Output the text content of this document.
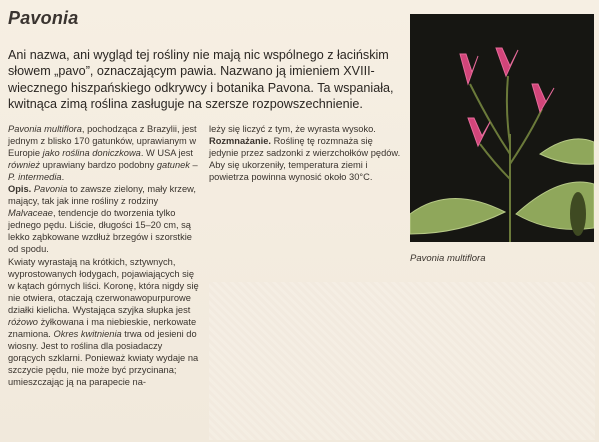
Pavonia

Ani nazwa, ani wygląd tej rośliny nie mają nic wspólnego z łacińskim słowem „pavo”, oznaczającym pawia. Nazwano ją imieniem XVIII-wiecznego hiszpańskiego odkrywcy i botanika Pavona. Ta wspaniała, kwitnąca zimą roślina zasługuje na szersze rozpowszechnienie.

Pavonia multiflora, pochodząca z Brazylii, jest jednym z blisko 170 gatunków, uprawianym w Europie jako roślina doniczkowa. W USA jest również uprawiany bardzo podobny gatunek – P. intermedia.

Opis. Pavonia to zawsze zielony, mały krzew, mający, tak jak inne rośliny z rodziny Malvaceae, tendencje do tworzenia tylko jednego pędu. Liście, długości 15–20 cm, są lekko ząbkowane wzdłuż brzegów i szorstkie od spodu.

Kwiaty wyrastają na krótkich, sztywnych, wyprostowanych łodygach, pojawiających się w kątach górnych liści. Koronę, która nigdy się nie otwiera, otaczają czerwonawopurpurowe działki kielicha. Wystająca szyjka słupka jest różowo żyłkowana i ma niebieskie, nerkowate znamiona. Okres kwitnienia trwa od jesieni do wiosny. Jest to roślina dla posiadaczy gorących szklarni. Ponieważ kwiaty wydaje na szczycie pędu, nie może być przycinana; umieszczając ją na parapecie na-

leży się liczyć z tym, że wyrasta wysoko.

Rozmnażanie. Roślinę tę rozmnaża się jedynie przez sadzonki z wierzchołków pędów. Aby się ukorzeniły, temperatura ziemi i powietrza powinna wynosić około 30°C.

Pavonia multiflora
